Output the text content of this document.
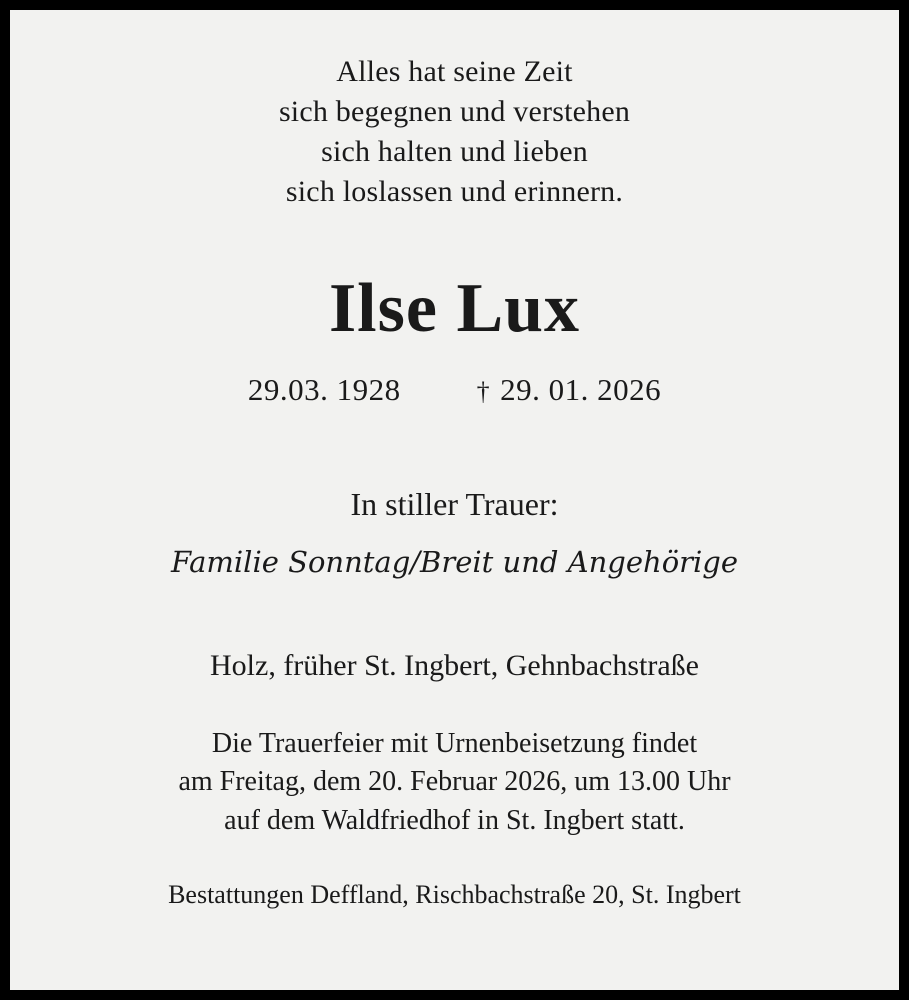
Alles hat seine Zeit
sich begegnen und verstehen
sich halten und lieben
sich loslassen und erinnern.
Ilse Lux
29.03. 1928	† 29. 01. 2026
In stiller Trauer:
Familie Sonntag/Breit und Angehörige
Holz, früher St. Ingbert, Gehnbachstraße
Die Trauerfeier mit Urnenbeisetzung findet
am Freitag, dem 20. Februar 2026, um 13.00 Uhr
auf dem Waldfriedhof in St. Ingbert statt.
Bestattungen Deffland, Rischbachstraße 20, St. Ingbert
